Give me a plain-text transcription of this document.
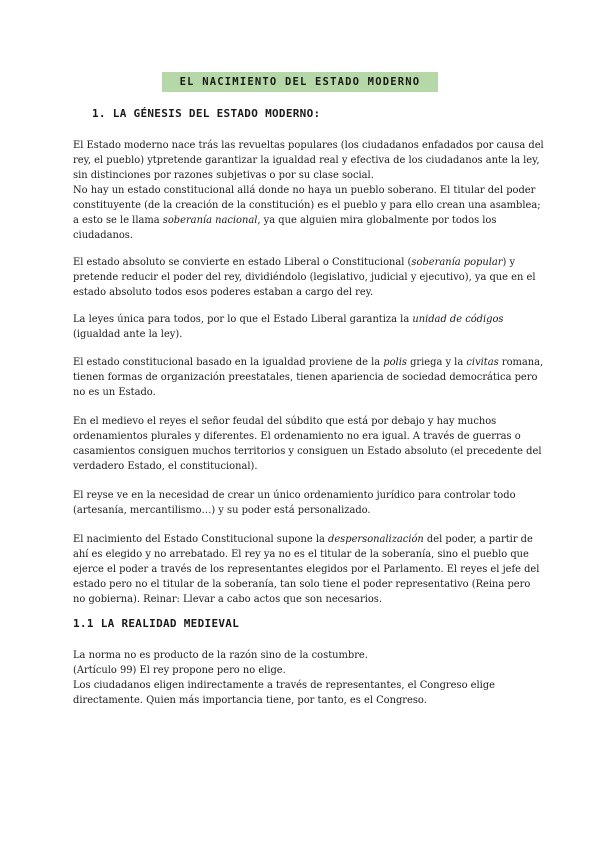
EL NACIMIENTO DEL ESTADO MODERNO
1. LA GÉNESIS DEL ESTADO MODERNO:
El Estado moderno nace trás las revueltas populares (los ciudadanos enfadados por causa del
rey, el pueblo) ytpretende garantizar la igualdad real y efectiva de los ciudadanos ante la ley,
sin distinciones por razones subjetivas o por su clase social.
No hay un estado constitucional allá donde no haya un pueblo soberano. El titular del poder
constituyente (de la creación de la constitución) es el pueblo y para ello crean una asamblea;
a esto se le llama soberanía nacional, ya que alguien mira globalmente por todos los
ciudadanos.
El estado absoluto se convierte en estado Liberal o Constitucional (soberanía popular) y
pretende reducir el poder del rey, dividiéndolo (legislativo, judicial y ejecutivo), ya que en el
estado absoluto todos esos poderes estaban a cargo del rey.
La leyes única para todos, por lo que el Estado Liberal garantiza la unidad de códigos
(igualdad ante la ley).
El estado constitucional basado en la igualdad proviene de la polis griega y la civitas romana,
tienen formas de organización preestatales, tienen apariencia de sociedad democrática pero
no es un Estado.
En el medievo el reyes el señor feudal del súbdito que está por debajo y hay muchos
ordenamientos plurales y diferentes. El ordenamiento no era igual. A través de guerras o
casamientos consiguen muchos territorios y consiguen un Estado absoluto (el precedente del
verdadero Estado, el constitucional).
El reyse ve en la necesidad de crear un único ordenamiento jurídico para controlar todo
(artesanía, mercantilismo…) y su poder está personalizado.
El nacimiento del Estado Constitucional supone la despersonalización del poder, a partir de
ahí es elegido y no arrebatado. El rey ya no es el titular de la soberanía, sino el pueblo que
ejerce el poder a través de los representantes elegidos por el Parlamento. El reyes el jefe del
estado pero no el titular de la soberanía, tan solo tiene el poder representativo (Reina pero
no gobierna). Reinar: Llevar a cabo actos que son necesarios.
1.1 LA REALIDAD MEDIEVAL
La norma no es producto de la razón sino de la costumbre.
(Artículo 99) El rey propone pero no elige.
Los ciudadanos eligen indirectamente a través de representantes, el Congreso elige
directamente. Quien más importancia tiene, por tanto, es el Congreso.
